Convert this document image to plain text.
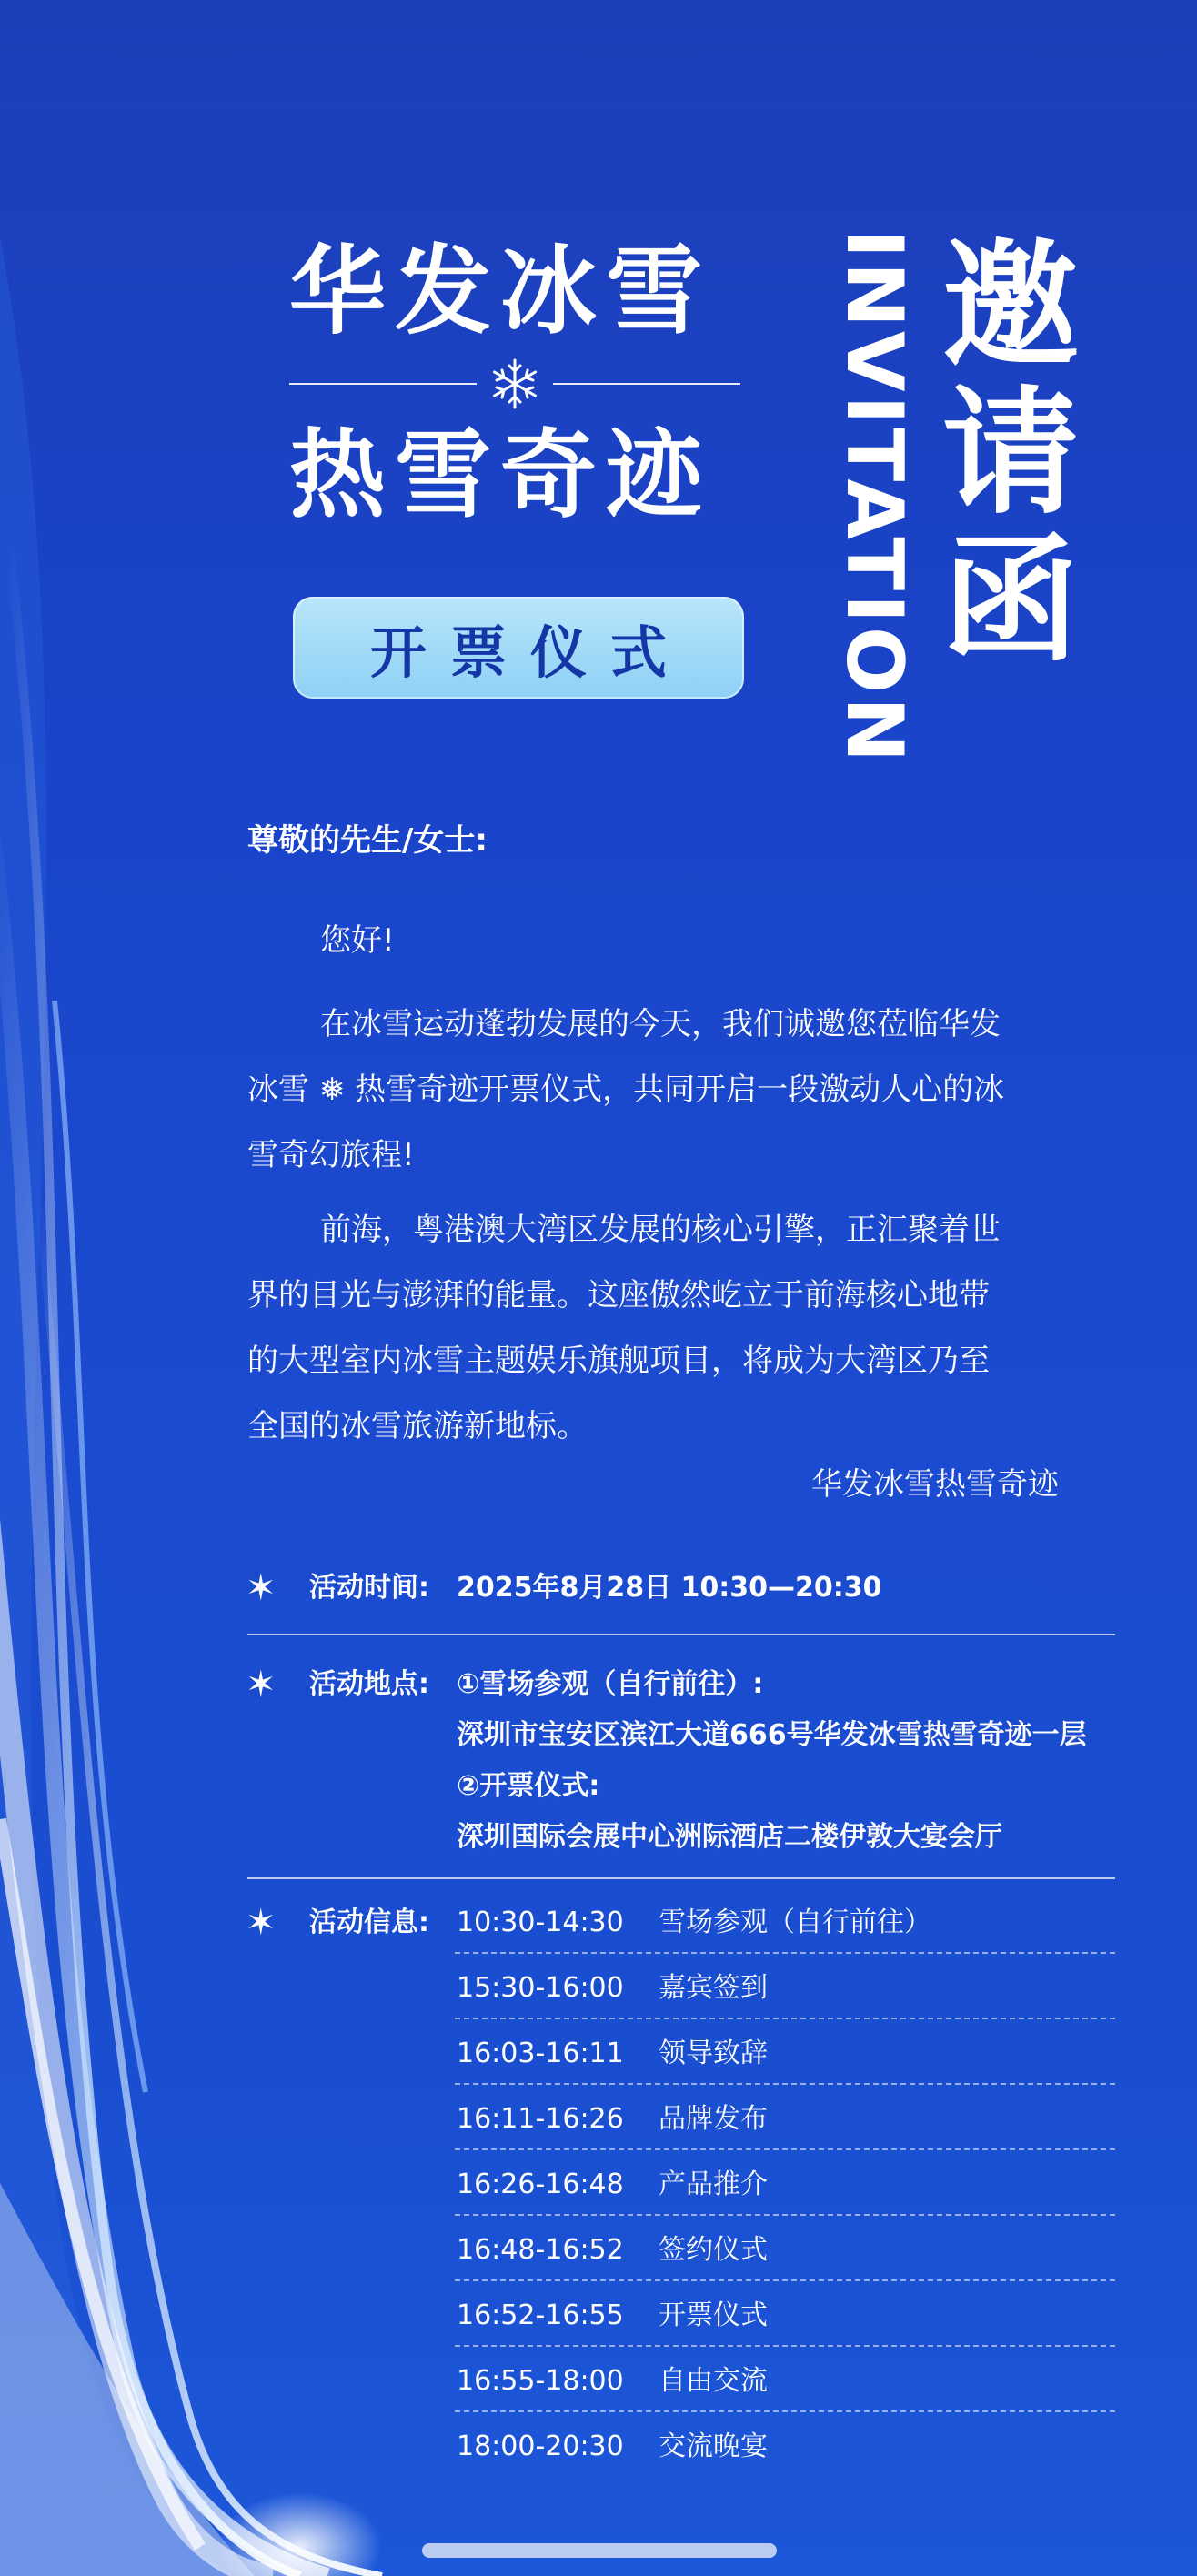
华发冰雪
热雪奇迹
开票仪式 INVITATION 邀
请
函
尊敬的先生/女士:
您好!
在冰雪运动蓬勃发展的今天，我们诚邀您莅临华发
冰雪 ❅ 热雪奇迹开票仪式，共同开启一段激动人心的冰
雪奇幻旅程!
前海，粤港澳大湾区发展的核心引擎，正汇聚着世
界的目光与澎湃的能量。这座傲然屹立于前海核心地带
的大型室内冰雪主题娱乐旗舰项目，将成为大湾区乃至
全国的冰雪旅游新地标。
华发冰雪热雪奇迹
✶ 活动时间: 2025年8月28日 10:30—20:30
✶ 活动地点: ①雪场参观（自行前往）:
深圳市宝安区滨江大道666号华发冰雪热雪奇迹一层
②开票仪式:
深圳国际会展中心洲际酒店二楼伊敦大宴会厅
✶ 活动信息: 10:30-14:30 雪场参观（自行前往）
15:30-16:00 嘉宾签到
16:03-16:11 领导致辞
16:11-16:26 品牌发布
16:26-16:48 产品推介
16:48-16:52 签约仪式
16:52-16:55 开票仪式
16:55-18:00 自由交流
18:00-20:30 交流晚宴
